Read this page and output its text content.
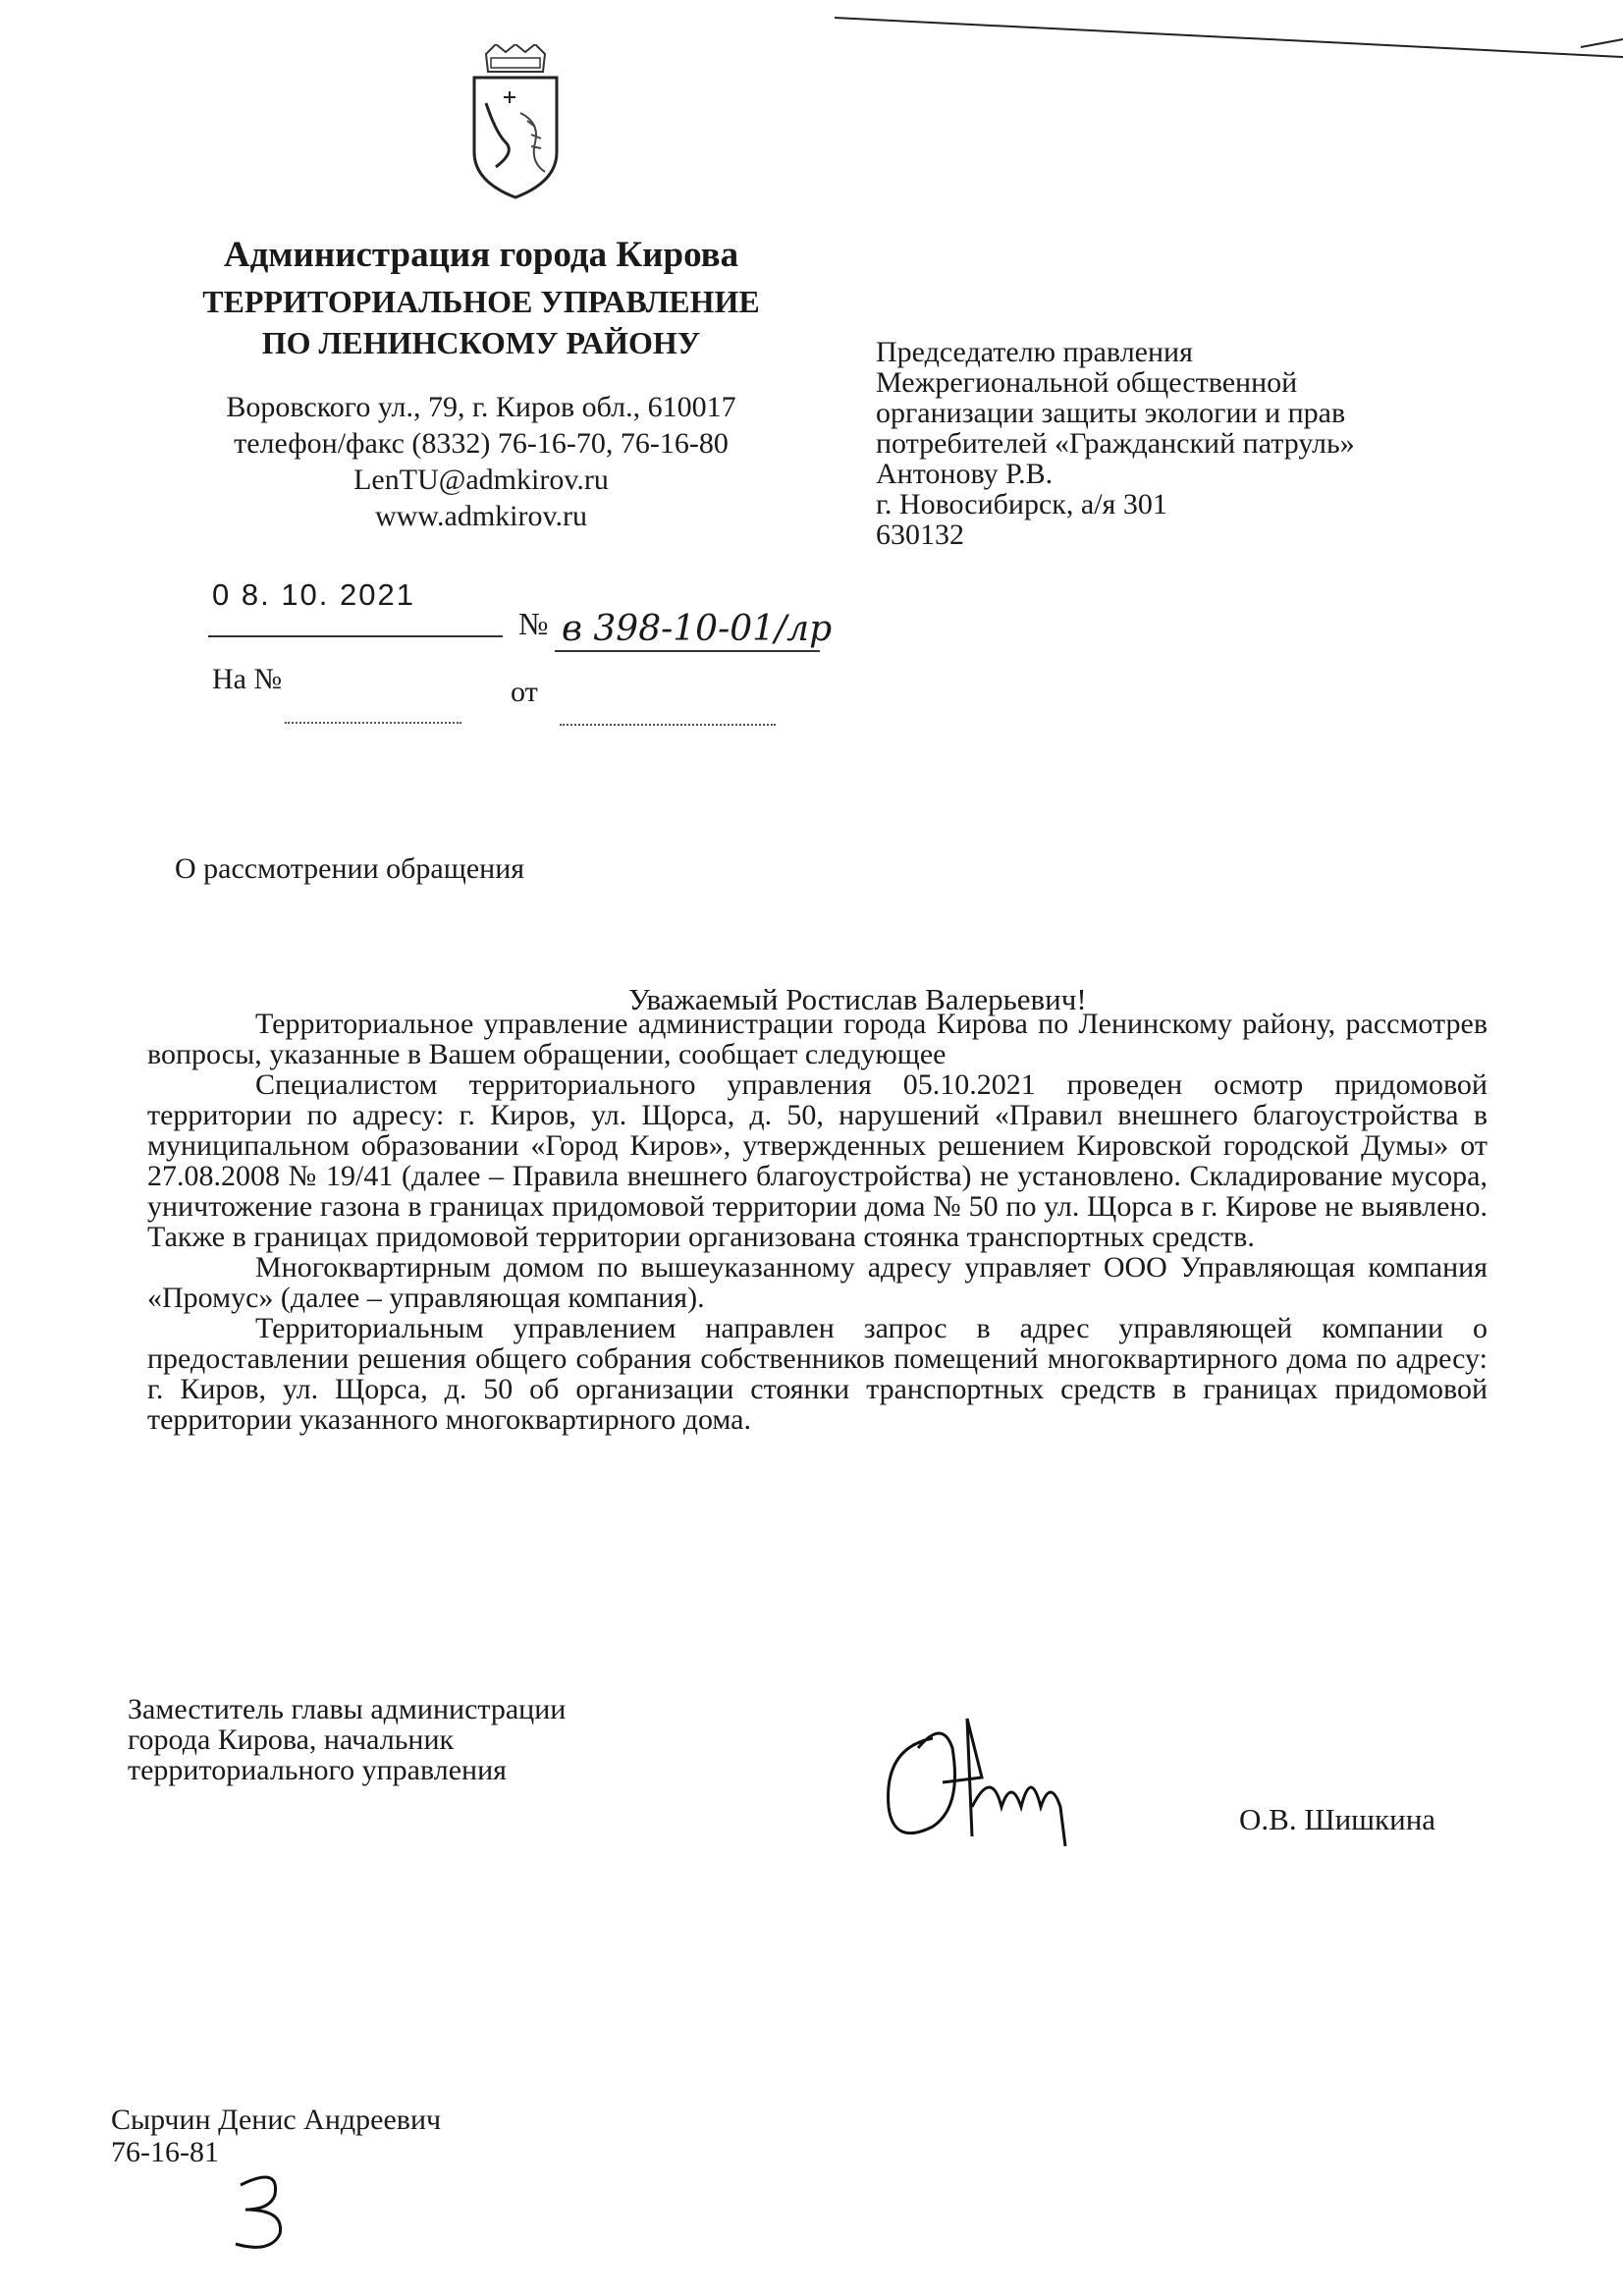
Администрация города Кирова
ТЕРРИТОРИАЛЬНОЕ УПРАВЛЕНИЕ
ПО ЛЕНИНСКОМУ РАЙОНУ
Воровского ул., 79, г. Киров обл., 610017
телефон/факс (8332) 76-16-70, 76-16-80
LenTU@admkirov.ru
www.admkirov.ru
0 8. 10. 2021
№ в 398-10-01/лр
На №	от
Председателю правления
Межрегиональной общественной
организации защиты экологии и прав
потребителей «Гражданский патруль»
Антонову Р.В.
г. Новосибирск, а/я 301
630132
О рассмотрении обращения
Уважаемый Ростислав Валерьевич!
Территориальное управление администрации города Кирова по Ленинскому району, рассмотрев вопросы, указанные в Вашем обращении, сообщает следующее
Специалистом территориального управления 05.10.2021 проведен осмотр придомовой территории по адресу: г. Киров, ул. Щорса, д. 50, нарушений «Правил внешнего благоустройства в муниципальном образовании «Город Киров», утвержденных решением Кировской городской Думы» от 27.08.2008 № 19/41 (далее – Правила внешнего благоустройства) не установлено. Складирование мусора, уничтожение газона в границах придомовой территории дома № 50 по ул. Щорса в г. Кирове не выявлено. Также в границах придомовой территории организована стоянка транспортных средств.
Многоквартирным домом по вышеуказанному адресу управляет ООО Управляющая компания «Промус» (далее – управляющая компания).
Территориальным управлением направлен запрос в адрес управляющей компании о предоставлении решения общего собрания собственников помещений многоквартирного дома по адресу: г. Киров, ул. Щорса, д. 50 об организации стоянки транспортных средств в границах придомовой территории указанного многоквартирного дома.
Заместитель главы администрации
города Кирова, начальник
территориального управления
О.В. Шишкина
Сырчин Денис Андреевич
76-16-81
